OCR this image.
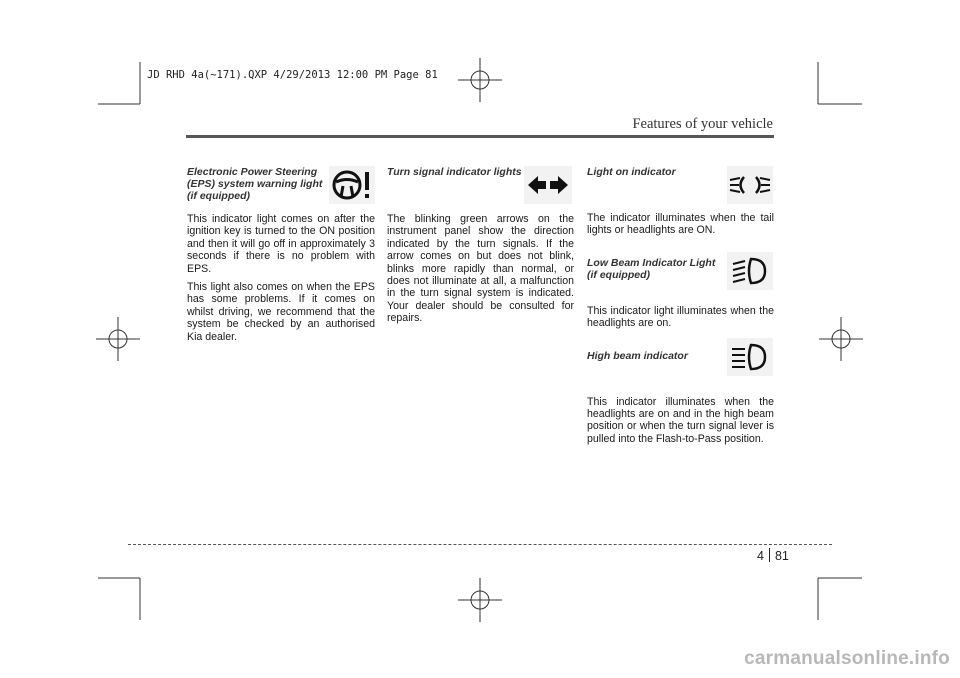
JD RHD 4a(~171).QXP 4/29/2013 12:00 PM Page 81
Features of your vehicle
Electronic Power Steering
(EPS) system warning light
(if equipped)

This indicator light comes on after the ignition key is turned to the ON position and then it will go off in approximately 3 seconds if there is no problem with EPS.

This light also comes on when the EPS has some problems. If it comes on whilst driving, we recommend that the system be checked by an authorised Kia dealer.

Turn signal indicator lights

The blinking green arrows on the instrument panel show the direction indicated by the turn signals. If the arrow comes on but does not blink, blinks more rapidly than normal, or does not illuminate at all, a malfunction in the turn signal system is indicated. Your dealer should be consulted for repairs.

Light on indicator

The indicator illuminates when the tail lights or headlights are ON.

Low Beam Indicator Light
(if equipped)

This indicator light illuminates when the headlights are on.

High beam indicator

This indicator illuminates when the headlights are on and in the high beam position or when the turn signal lever is pulled into the Flash-to-Pass position.

4 81
carmanualsonline.info
